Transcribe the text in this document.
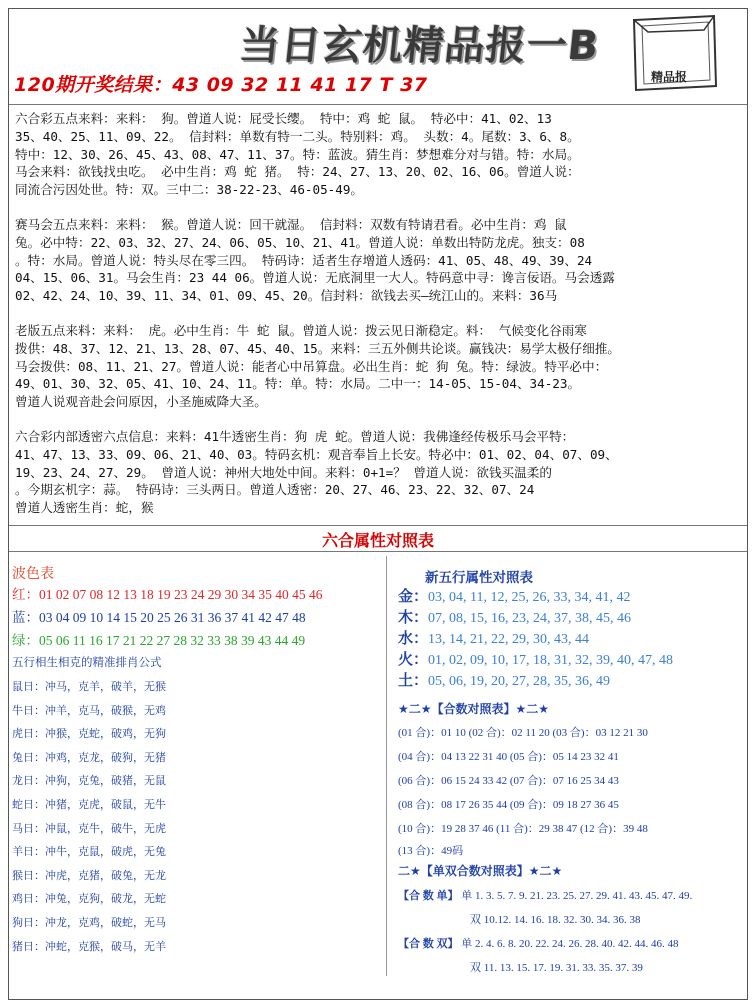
当日玄机精品报一B
精品报
120期开奖结果：43 09 32 11 41 17 T 37

六合彩五点来料：来料： 狗。曾道人说：屁受长缨。 特中：鸡 蛇 鼠。 特必中：41、02、13

35、40、25、11、09、22。 信封料：单数有特一二头。特别料：鸡。 头数：4。尾数：3、6、8。

特中：12、30、26、45、43、08、47、11、37。特：蓝波。猜生肖：梦想难分对与错。特：水局。

马会来料：欲钱找虫吃。 必中生肖：鸡 蛇 猪。 特：24、27、13、20、02、16、06。曾道人说：

同流合污因处世。特：双。三中二：38-22-23、46-05-49。

赛马会五点来料：来料： 猴。曾道人说：回干就湿。 信封料：双数有特请君看。必中生肖：鸡 鼠

兔。必中特：22、03、32、27、24、06、05、10、21、41。曾道人说：单数出特防龙虎。独支：08

。特：水局。曾道人说：特头尽在零三四。 特码诗：适者生存增道人透码：41、05、48、49、39、24

04、15、06、31。马会生肖：23 44 06。曾道人说：无底洞里一大人。特码意中寻：谗言佞语。马会透露

02、42、24、10、39、11、34、01、09、45、20。信封料：欲钱去买—统江山的。来料：36马

老版五点来料：来料： 虎。必中生肖：牛 蛇 鼠。曾道人说：拨云见日渐稳定。料： 气候变化谷雨寒

拨供：48、37、12、21、13、28、07、45、40、15。来料：三五外侧共论谈。赢钱决：易学太极仔细推。

马会拨供：08、11、21、27。曾道人说：能者心中吊算盘。必出生肖：蛇 狗 兔。特：绿波。特平必中：

49、01、30、32、05、41、10、24、11。特：单。特：水局。二中一：14-05、15-04、34-23。

曾道人说观音赴会问原因，小圣施威降大圣。

六合彩内部透密六点信息：来料：41牛透密生肖：狗 虎 蛇。曾道人说：我佛逢经传极乐马会平特：

41、47、13、33、09、06、21、40、03。特码玄机：观音奉旨上长安。特必中：01、02、04、07、09、

19、23、24、27、29。 曾道人说：神州大地处中间。来料：0+1=？ 曾道人说：欲钱买温柔的

。今期玄机字：蒜。 特码诗：三头两日。曾道人透密：20、27、46、23、22、32、07、24

曾道人透密生肖：蛇，猴

六合属性对照表
波色表
红：01 02 07 08 12 13 18 19 23 24 29 30 34 35 40 45 46
蓝：03 04 09 10 14 15 20 25 26 31 36 37 41 42 47 48
绿：05 06 11 16 17 21 22 27 28 32 33 38 39 43 44 49
五行相生相克的精准排肖公式
鼠日：冲马，克羊，破羊，无猴
牛日：冲羊，克马，破猴，无鸡
虎日：冲猴，克蛇，破鸡，无狗
兔日：冲鸡，克龙，破狗，无猪
龙日：冲狗，克兔，破猪，无鼠
蛇日：冲猪，克虎，破鼠，无牛
马日：冲鼠，克牛，破牛，无虎
羊日：冲牛，克鼠，破虎，无兔
猴日：冲虎，克猪，破兔，无龙
鸡日：冲兔，克狗，破龙，无蛇
狗日：冲龙，克鸡，破蛇，无马
猪日：冲蛇，克猴，破马，无羊
新五行属性对照表
金：03, 04, 11, 12, 25, 26, 33, 34, 41, 42
木：07, 08, 15, 16, 23, 24, 37, 38, 45, 46
水：13, 14, 21, 22, 29, 30, 43, 44
火：01, 02, 09, 10, 17, 18, 31, 32, 39, 40, 47, 48
土：05, 06, 19, 20, 27, 28, 35, 36, 49
★二★【合数对照表】★二★
(01 合)：01 10 (02 合)：02 11 20 (03 合)：03 12 21 30
(04 合)：04 13 22 31 40 (05 合)：05 14 23 32 41
(06 合)：06 15 24 33 42 (07 合)：07 16 25 34 43
(08 合)：08 17 26 35 44 (09 合)：09 18 27 36 45
(10 合)：19 28 37 46 (11 合)：29 38 47 (12 合)：39 48
(13 合)：49码
二★【单双合数对照表】★二★
【合 数 单】 单 1. 3. 5. 7. 9. 21. 23. 25. 27. 29. 41. 43. 45. 47. 49.
双 10.12. 14. 16. 18. 32. 30. 34. 36. 38
【合 数 双】 单 2. 4. 6. 8. 20. 22. 24. 26. 28. 40. 42. 44. 46. 48
双 11. 13. 15. 17. 19. 31. 33. 35. 37. 39
